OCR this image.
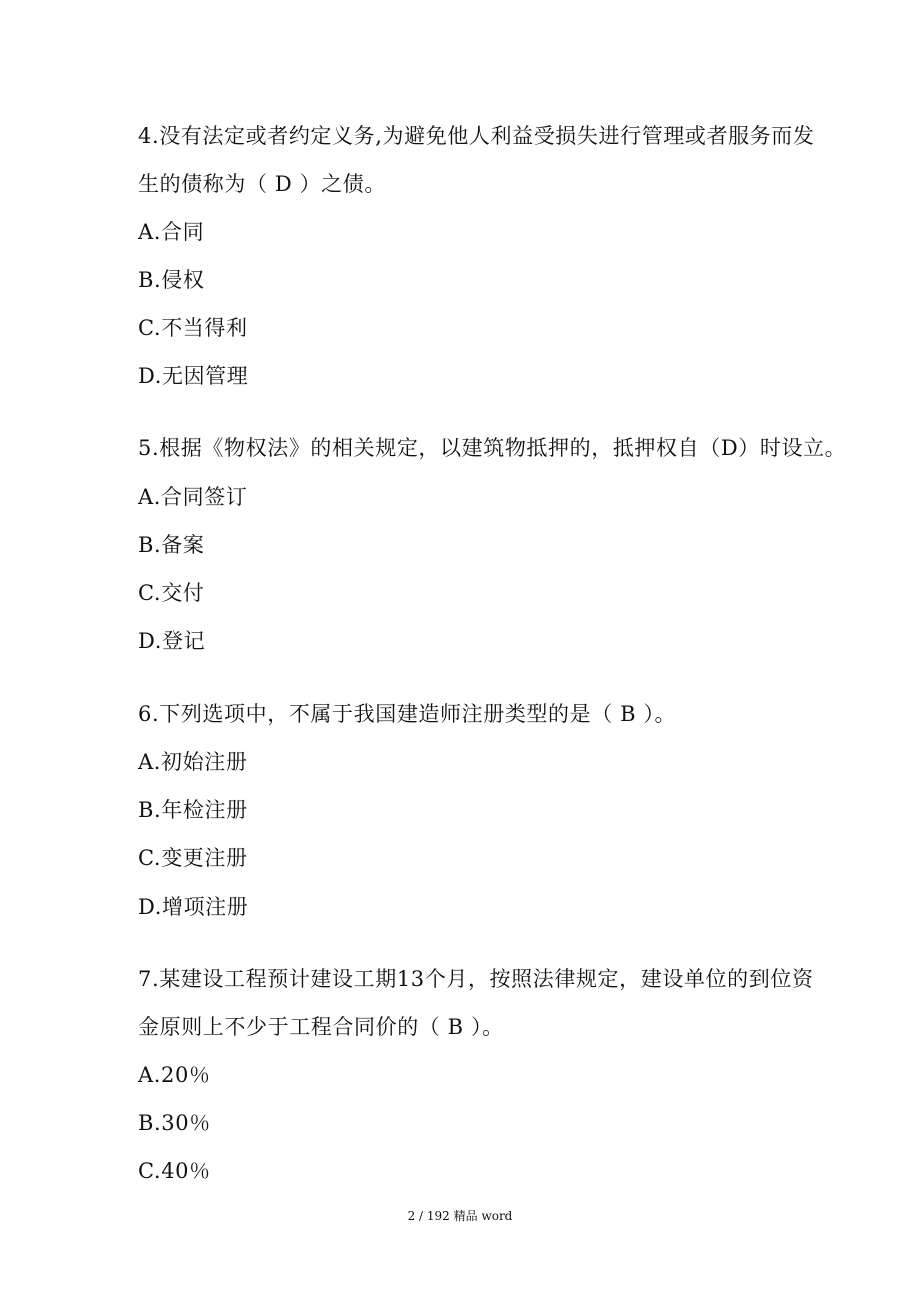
4.没有法定或者约定义务,为避免他人利益受损失进行管理或者服务而发
生的债称为（ D ）之债。
A.合同
B.侵权
C.不当得利
D.无因管理
5.根据《物权法》的相关规定，以建筑物抵押的，抵押权自（D）时设立。
A.合同签订
B.备案
C.交付
D.登记
6.下列选项中，不属于我国建造师注册类型的是（ B ）。
A.初始注册
B.年检注册
C.变更注册
D.增项注册
7.某建设工程预计建设工期13个月，按照法律规定，建设单位的到位资
金原则上不少于工程合同价的（ B ）。
A.20％
B.30％
C.40％
2 / 192 精品 word
